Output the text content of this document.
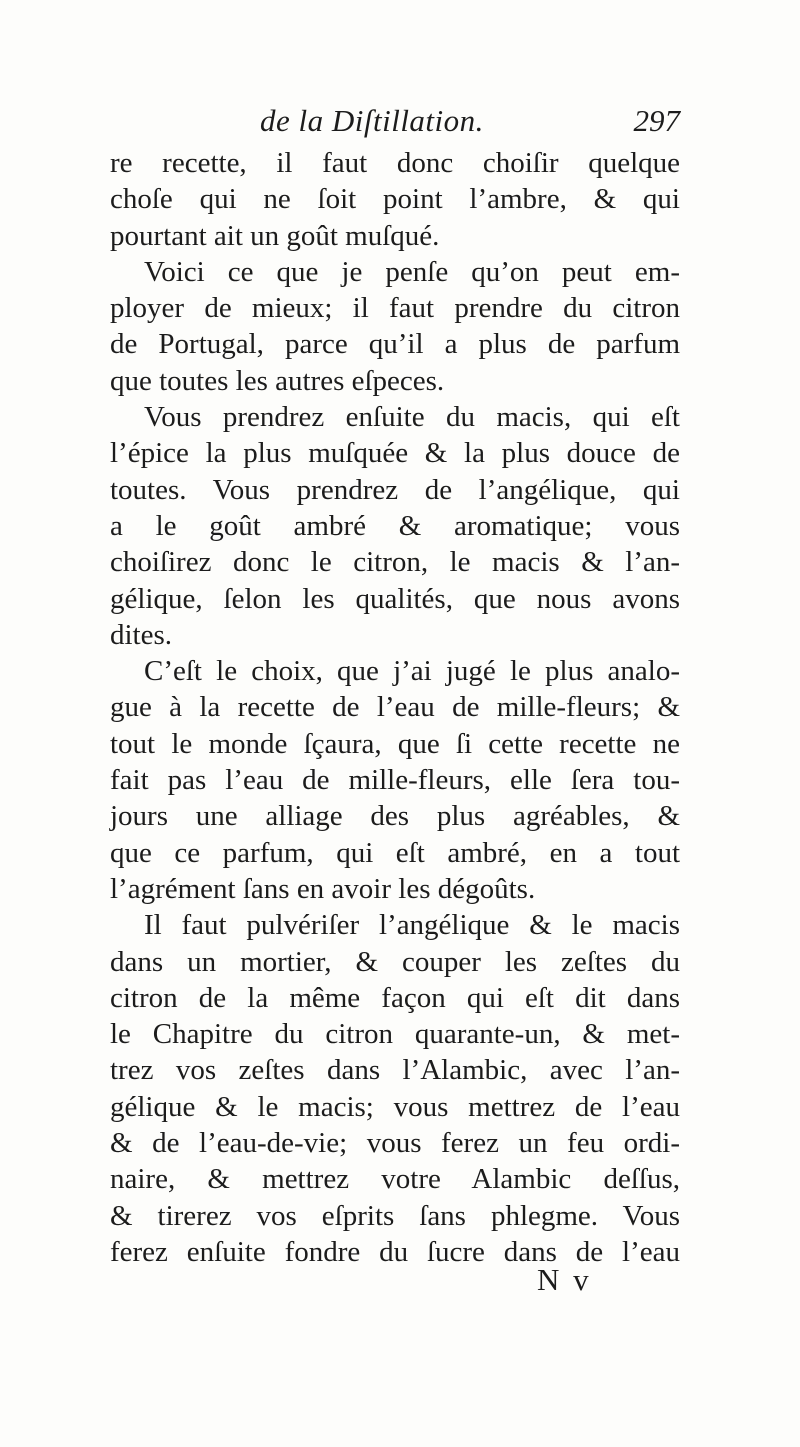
de la Diſtillation.	297
re recette, il faut donc choiſir quelque
choſe qui ne ſoit point l’ambre, & qui
pourtant ait un goût muſqué.
Voici ce que je penſe qu’on peut em-
ployer de mieux; il faut prendre du citron
de Portugal, parce qu’il a plus de parfum
que toutes les autres eſpeces.
Vous prendrez enſuite du macis, qui eſt
l’épice la plus muſquée & la plus douce de
toutes. Vous prendrez de l’angélique, qui
a le goût ambré & aromatique; vous
choiſirez donc le citron, le macis & l’an-
gélique, ſelon les qualités, que nous avons
dites.
C’eſt le choix, que j’ai jugé le plus analo-
gue à la recette de l’eau de mille-fleurs; &
tout le monde ſçaura, que ſi cette recette ne
fait pas l’eau de mille-fleurs, elle ſera tou-
jours une alliage des plus agréables, &
que ce parfum, qui eſt ambré, en a tout
l’agrément ſans en avoir les dégoûts.
Il faut pulvériſer l’angélique & le macis
dans un mortier, & couper les zeſtes du
citron de la même façon qui eſt dit dans
le Chapitre du citron quarante-un, & met-
trez vos zeſtes dans l’Alambic, avec l’an-
gélique & le macis; vous mettrez de l’eau
& de l’eau-de-vie; vous ferez un feu ordi-
naire, & mettrez votre Alambic deſſus,
& tirerez vos eſprits ſans phlegme. Vous
ferez enſuite fondre du ſucre dans de l’eau
N v
